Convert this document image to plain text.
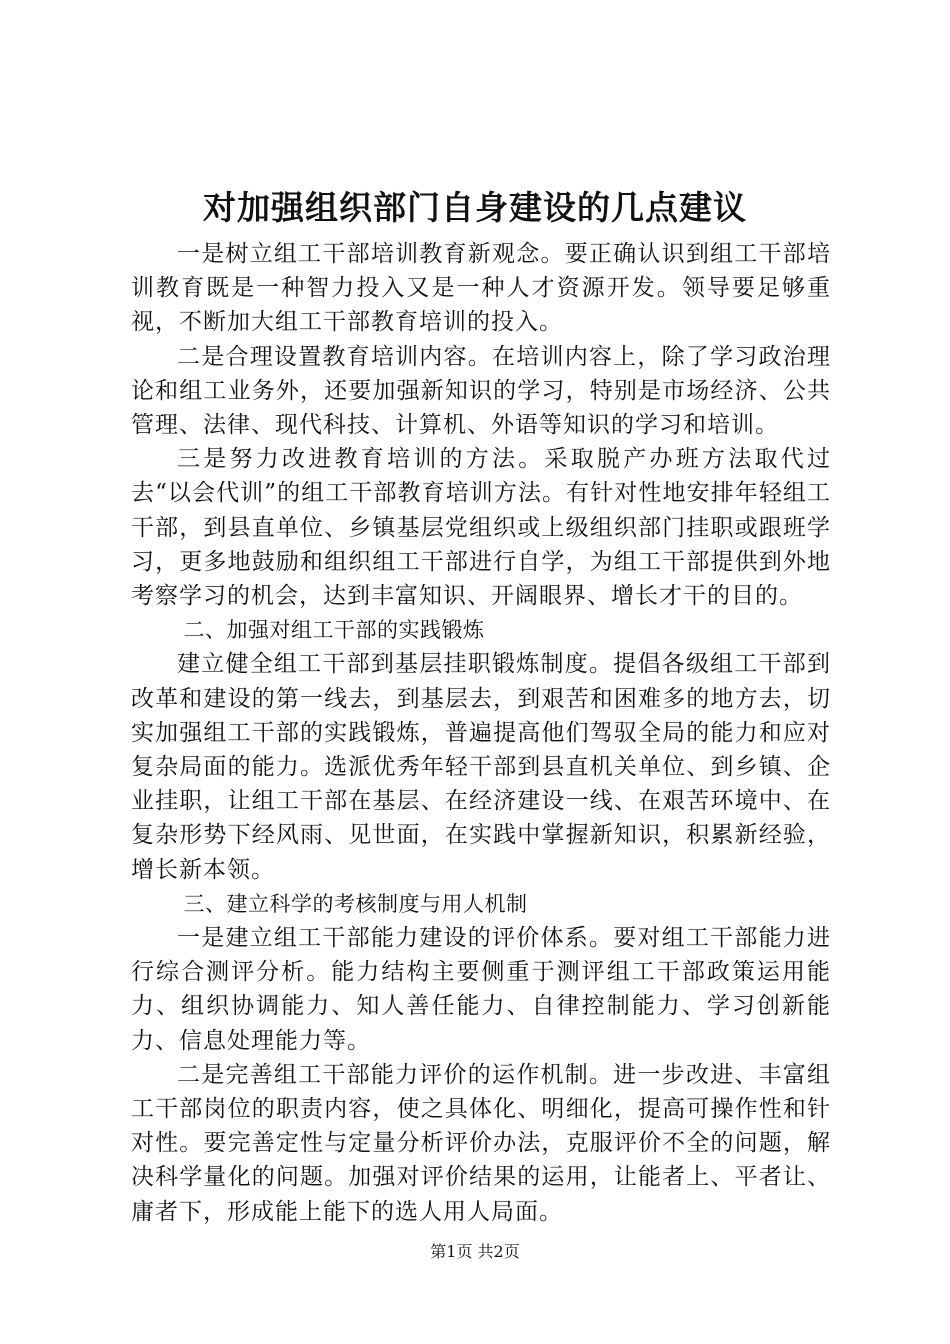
对加强组织部门自身建设的几点建议

一是树立组工干部培训教育新观念。要正确认识到组工干部培训教育既是一种智力投入又是一种人才资源开发。领导要足够重视，不断加大组工干部教育培训的投入。

二是合理设置教育培训内容。在培训内容上，除了学习政治理论和组工业务外，还要加强新知识的学习，特别是市场经济、公共管理、法律、现代科技、计算机、外语等知识的学习和培训。

三是努力改进教育培训的方法。采取脱产办班方法取代过去“以会代训”的组工干部教育培训方法。有针对性地安排年轻组工干部，到县直单位、乡镇基层党组织或上级组织部门挂职或跟班学习，更多地鼓励和组织组工干部进行自学，为组工干部提供到外地考察学习的机会，达到丰富知识、开阔眼界、增长才干的目的。

二、加强对组工干部的实践锻炼

建立健全组工干部到基层挂职锻炼制度。提倡各级组工干部到改革和建设的第一线去，到基层去，到艰苦和困难多的地方去，切实加强组工干部的实践锻炼，普遍提高他们驾驭全局的能力和应对复杂局面的能力。选派优秀年轻干部到县直机关单位、到乡镇、企业挂职，让组工干部在基层、在经济建设一线、在艰苦环境中、在复杂形势下经风雨、见世面，在实践中掌握新知识，积累新经验，增长新本领。

三、建立科学的考核制度与用人机制

一是建立组工干部能力建设的评价体系。要对组工干部能力进行综合测评分析。能力结构主要侧重于测评组工干部政策运用能力、组织协调能力、知人善任能力、自律控制能力、学习创新能力、信息处理能力等。

二是完善组工干部能力评价的运作机制。进一步改进、丰富组工干部岗位的职责内容，使之具体化、明细化，提高可操作性和针对性。要完善定性与定量分析评价办法，克服评价不全的问题，解决科学量化的问题。加强对评价结果的运用，让能者上、平者让、庸者下，形成能上能下的选人用人局面。

第1页 共2页
